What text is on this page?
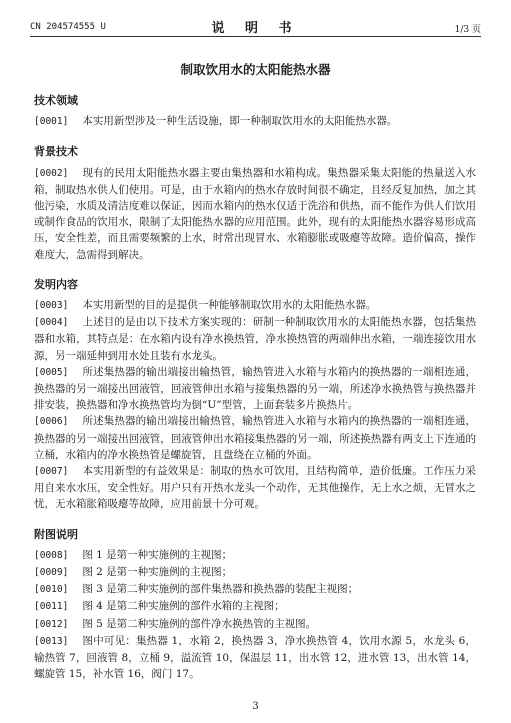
CN 204574555 U	说 明 书	1/3 页
制取饮用水的太阳能热水器
技术领域

[0001] 本实用新型涉及一种生活设施，即一种制取饮用水的太阳能热水器。

背景技术

[0002] 现有的民用太阳能热水器主要由集热器和水箱构成。集热器采集太阳能的热量送入水箱，制取热水供人们使用。可是，由于水箱内的热水存放时间很不确定，且经反复加热，加之其他污染，水质及清洁度难以保证，因而水箱内的热水仅适于洗浴和供热，而不能作为供人们饮用或制作食品的饮用水，限制了太阳能热水器的应用范围。此外，现有的太阳能热水器容易形成高压，安全性差，而且需要频繁的上水，时常出现冒水、水箱膨胀或吸瘪等故障。造价偏高，操作难度大，急需得到解决。

发明内容

[0003] 本实用新型的目的是提供一种能够制取饮用水的太阳能热水器。

[0004] 上述目的是由以下技术方案实现的：研制一种制取饮用水的太阳能热水器，包括集热器和水箱，其特点是：在水箱内设有净水换热管，净水换热管的两端伸出水箱，一端连接饮用水源，另一端延伸到用水处且装有水龙头。

[0005] 所述集热器的输出端接出输热管，输热管进入水箱与水箱内的换热器的一端相连通，换热器的另一端接出回液管，回液管伸出水箱与接集热器的另一端，所述净水换热管与换热器并排安装，换热器和净水换热管均为倒“U”型管，上面套装多片换热片。

[0006] 所述集热器的输出端接出输热管，输热管进入水箱与水箱内的换热器的一端相连通，换热器的另一端接出回液管，回液管伸出水箱接集热器的另一端，所述换热器有两支上下连通的立桶，水箱内的净水换热管是螺旋管，且盘绕在立桶的外面。

[0007] 本实用新型的有益效果是：制取的热水可饮用，且结构简单，造价低廉。工作压力采用自来水水压，安全性好。用户只有开热水龙头一个动作，无其他操作，无上水之烦，无冒水之忧，无水箱胀箱吸瘪等故障，应用前景十分可观。

附图说明

[0008] 图 1 是第一种实施例的主视图；

[0009] 图 2 是第一种实施例的主视图；

[0010] 图 3 是第二种实施例的部件集热器和换热器的装配主视图；

[0011] 图 4 是第二种实施例的部件水箱的主视图；

[0012] 图 5 是第二种实施例的部件净水换热管的主视图。

[0013] 图中可见：集热器 1，水箱 2，换热器 3，净水换热管 4，饮用水源 5，水龙头 6，输热管 7，回液管 8，立桶 9，溢流管 10，保温层 11，出水管 12，进水管 13，出水管 14，螺旋管 15，补水管 16，阀门 17。

3
